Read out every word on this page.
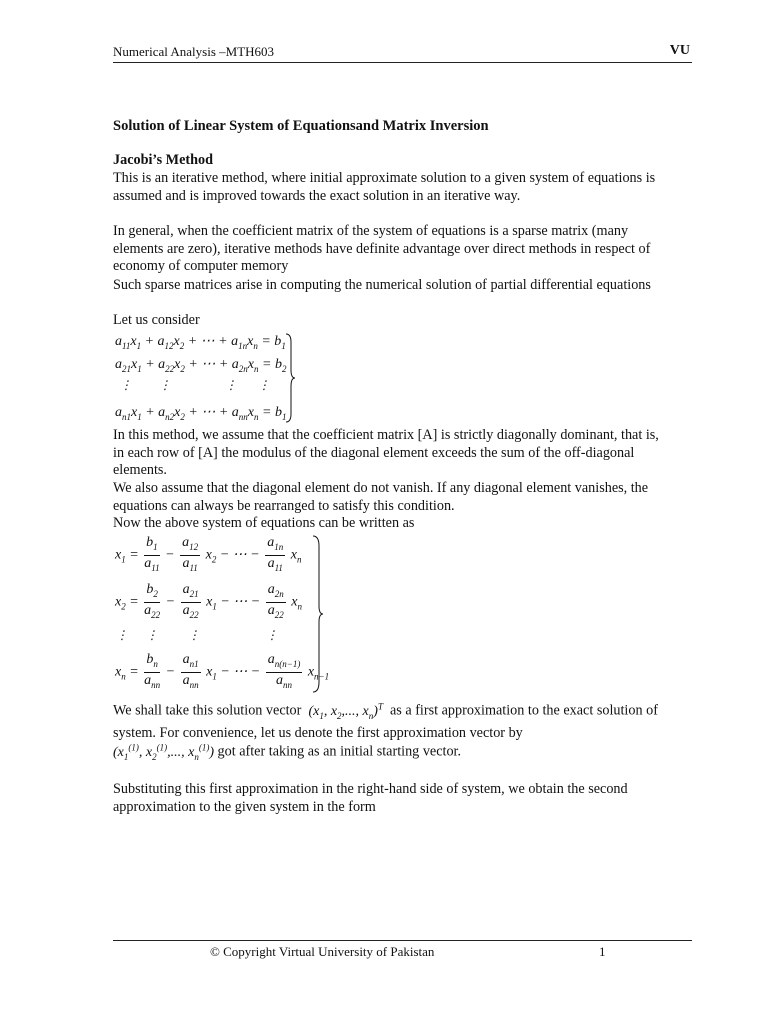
Numerical Analysis –MTH603	VU
Solution of Linear System of Equationsand Matrix Inversion
Jacobi’s Method
This is an iterative method, where initial approximate solution to a given system of equations is assumed and is improved towards the exact solution in an iterative way.
In general, when the coefficient matrix of the system of equations is a sparse matrix (many elements are zero), iterative methods have definite advantage over direct methods in respect of economy of computer memory
Such sparse matrices arise in computing the numerical solution of partial differential equations
Let us consider
$a_{11}x_1 + a_{12}x_2$ + ⋯ + $a_{1n}x_n = b_1$
$a_{21}x_1 + a_{22}x_2$ + ⋯ + $a_{2n}x_n = b_2$
⋮         ⋮                  ⋮       ⋮
$a_{n1}x_1 + a_{n2}x_2$ + ⋯ + $a_{nn}x_n = b_1$
In this method, we assume that the coefficient matrix [A] is strictly diagonally dominant, that is, in each row of [A] the modulus of the diagonal element exceeds the sum of the off-diagonal elements.
We also assume that the diagonal element do not vanish. If any diagonal element vanishes, the equations can always be rearranged to satisfy this condition.
Now the above system of equations can be written as
$x_1 = \frac{b_1}{a_{11}} - \frac{a_{12}}{a_{11}} x_2$ − ⋯ − $\frac{a_{1n}}{a_{11}} x_n$
$x_2 = \frac{b_2}{a_{22}} - \frac{a_{21}}{a_{22}} x_1$ − ⋯ − $\frac{a_{2n}}{a_{22}} x_n$
⋮      ⋮          ⋮                      ⋮
$x_n = \frac{b_n}{a_{nn}} - \frac{a_{n1}}{a_{nn}} x_1$ − ⋯ − $\frac{a_{n(n-1)}}{a_{nn}} x_{n-1}$
We shall take this solution vector  ($x_1$, $x_2$,..., $x_n)^T$ as a first approximation to the exact solution of system. For convenience, let us denote the first approximation vector by
($x_1^{(1)}$, $x_2^{(1)}$,..., $x_n^{(1)}$) got after taking as an initial starting vector.
Substituting this first approximation in the right-hand side of system, we obtain the second approximation to the given system in the form
© Copyright Virtual University of Pakistan	1
